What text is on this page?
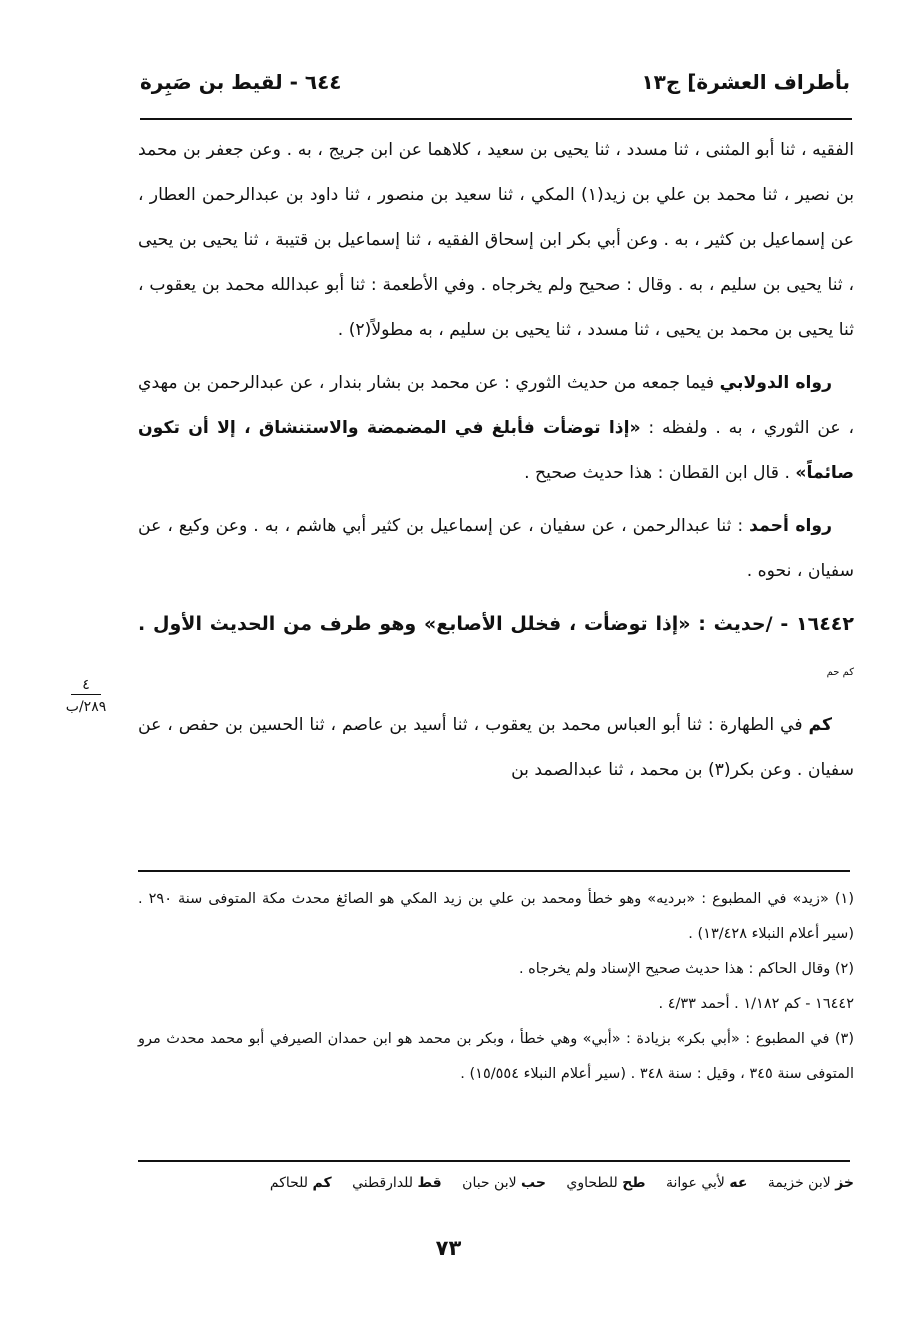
بأطراف العشرة] ج١٣
٦٤٤ - لقيط بن صَبِرة

الفقيه ، ثنا أبو المثنى ، ثنا مسدد ، ثنا يحيى بن سعيد ، كلاهما عن ابن جريج ، به . وعن جعفر بن محمد بن نصير ، ثنا محمد بن علي بن زيد(١) المكي ، ثنا سعيد بن منصور ، ثنا داود بن عبدالرحمن العطار ، عن إسماعيل بن كثير ، به . وعن أبي بكر ابن إسحاق الفقيه ، ثنا إسماعيل بن قتيبة ، ثنا يحيى بن يحيى ، ثنا يحيى بن سليم ، به . وقال : صحيح ولم يخرجاه . وفي الأطعمة : ثنا أبو عبدالله محمد بن يعقوب ، ثنا يحيى بن محمد بن يحيى ، ثنا مسدد ، ثنا يحيى بن سليم ، به مطولاً(٢) .

رواه الدولابي فيما جمعه من حديث الثوري : عن محمد بن بشار بندار ، عن عبدالرحمن بن مهدي ، عن الثوري ، به . ولفظه : «إذا توضأت فأبلغ في المضمضة والاستنشاق ، إلا أن تكون صائماً» . قال ابن القطان : هذا حديث صحيح .

رواه أحمد : ثنا عبدالرحمن ، عن سفيان ، عن إسماعيل بن كثير أبي هاشم ، به . وعن وكيع ، عن سفيان ، نحوه .

١٦٤٤٢ - /حديث : «إذا توضأت ، فخلل الأصابع» وهو طرف من الحديث الأول . كم حم

كم في الطهارة : ثنا أبو العباس محمد بن يعقوب ، ثنا أسيد بن عاصم ، ثنا الحسين بن حفص ، عن سفيان . وعن بكر(٣) بن محمد ، ثنا عبدالصمد بن

٤
٢٨٩/ب

(١) «زيد» في المطبوع : «برديه» وهو خطأ ومحمد بن علي بن زيد المكي هو الصائغ محدث مكة المتوفى سنة ٢٩٠ . (سير أعلام النبلاء ١٣/٤٢٨) .

(٢) وقال الحاكم : هذا حديث صحيح الإسناد ولم يخرجاه .

١٦٤٤٢ - كم ١/١٨٢ . أحمد ٤/٣٣ .

(٣) في المطبوع : «أبي بكر» بزيادة : «أبي» وهي خطأ ، وبكر بن محمد هو ابن حمدان الصيرفي أبو محمد محدث مرو المتوفى سنة ٣٤٥ ، وقيل : سنة ٣٤٨ . (سير أعلام النبلاء ١٥/٥٥٤) .

خز لابن خزيمة عه لأبي عوانة طح للطحاوي حب لابن حبان قط للدارقطني كم للحاكم
٧٣
